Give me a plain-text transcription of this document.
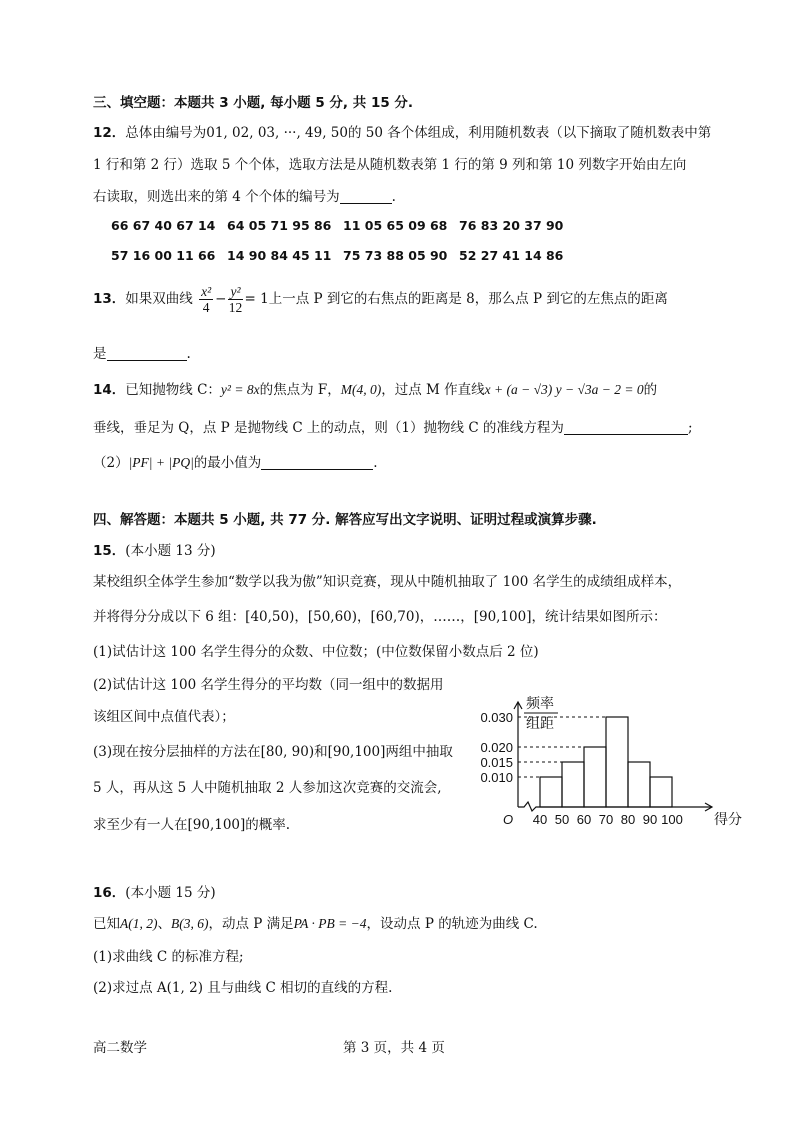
三、填空题：本题共 3 小题, 每小题 5 分, 共 15 分.
12．总体由编号为01, 02, 03, ···, 49, 50的 50 各个体组成，利用随机数表（以下摘取了随机数表中第
1 行和第 2 行）选取 5 个个体，选取方法是从随机数表第 1 行的第 9 列和第 10 列数字开始由左向
右读取，则选出来的第 4 个个体的编号为	.
66 67 40 67 14 64 05 71 95 86 11 05 65 09 68 76 83 20 37 90
57 16 00 11 66 14 90 84 45 11 75 73 88 05 90 52 27 41 14 86
13．如果双曲线 $\frac{\text{x²}}{4} - \frac{\text{y²}}{12} = 1$上一点 P 到它的右焦点的距离是 8，那么点 P 到它的左焦点的距离
是	.
14．已知抛物线 C：y² = 8x的焦点为 F，M(4, 0)，过点 M 作直线x + (a − √3) y − √3a − 2 = 0的
垂线，垂足为 Q，点 P 是抛物线 C 上的动点，则（1）抛物线 C 的准线方程为	;
（2）|PF| + |PQ|的最小值为	.
四、解答题：本题共 5 小题, 共 77 分. 解答应写出文字说明、证明过程或演算步骤.
15．(本小题 13 分)
某校组织全体学生参加“数学以我为傲”知识竞赛，现从中随机抽取了 100 名学生的成绩组成样本，
并将得分分成以下 6 组：[40,50)，[50,60)，[60,70)，……，[90,100]，统计结果如图所示：
(1)试估计这 100 名学生得分的众数、中位数；(中位数保留小数点后 2 位)
(2)试估计这 100 名学生得分的平均数（同一组中的数据用
该组区间中点值代表）；
(3)现在按分层抽样的方法在[80, 90)和[90,100]两组中抽取
5 人，再从这 5 人中随机抽取 2 人参加这次竞赛的交流会,
求至少有一人在[90,100]的概率.
0.010
0.015
0.020
0.030
40 50 60 70 80 90 100
O	得分
频率
组距
16．(本小题 15 分)
已知A(1, 2)、B(3, 6)，动点 P 满足PA · PB = −4，设动点 P 的轨迹为曲线 C.
(1)求曲线 C 的标准方程;
(2)求过点 A(1, 2) 且与曲线 C 相切的直线的方程.
高二数学	第 3 页，共 4 页
